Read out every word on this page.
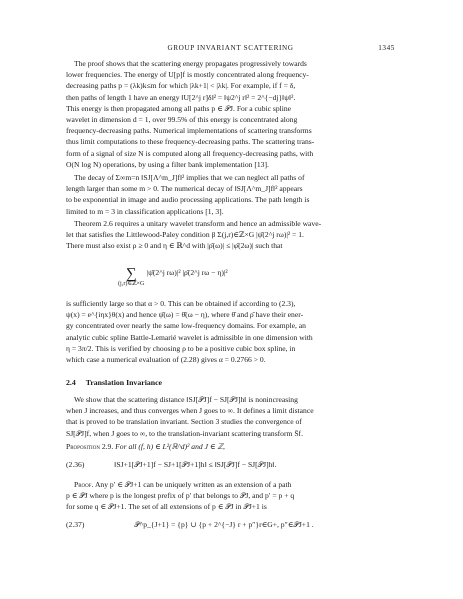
GROUP INVARIANT SCATTERING	1345
The proof shows that the scattering energy propagates progressively towards
lower frequencies. The energy of U[p]f is mostly concentrated along frequency-
decreasing paths p = (λk)k≤m for which |λk+1| < |λk|. For example, if f = δ,
then paths of length 1 have an energy ‖U[2^j r]δ‖² = ‖ψ2^j r‖² = 2^{−dj}‖ψ‖².
This energy is then propagated among all paths p ∈ 𝒫J. For a cubic spline
wavelet in dimension d = 1, over 99.5% of this energy is concentrated along
frequency-decreasing paths. Numerical implementations of scattering transforms
thus limit computations to these frequency-decreasing paths. The scattering trans-
form of a signal of size N is computed along all frequency-decreasing paths, with
O(N log N) operations, by using a filter bank implementation [13].
The decay of Σ∞m=n ‖SJ[Λ^m_J]f‖² implies that we can neglect all paths of
length larger than some m > 0. The numerical decay of ‖SJ[Λ^m_J]f‖² appears
to be exponential in image and audio processing applications. The path length is
limited to m = 3 in classification applications [1, 3].
Theorem 2.6 requires a unitary wavelet transform and hence an admissible wave-
let that satisfies the Littlewood-Paley condition β Σ(j,r)∈ℤ×G |ψ̂(2^j rω)|² = 1.
There must also exist ρ ≥ 0 and η ∈ ℝ^d with |ρ̂(ω)| ≤ |φ̂(2ω)| such that
∑ |ψ̂(2^j rω)|² |ρ̂(2^j rω − η)|²
(j,r)∈ℤ×G
is sufficiently large so that α > 0. This can be obtained if according to (2.3),
ψ(x) = e^{iηx}θ(x) and hence ψ̂(ω) = θ̂(ω − η), where θ̂ and ρ̂ have their ener-
gy concentrated over nearly the same low-frequency domains. For example, an
analytic cubic spline Battle-Lemarié wavelet is admissible in one dimension with
η = 3π/2. This is verified by choosing ρ to be a positive cubic box spline, in
which case a numerical evaluation of (2.28) gives α = 0.2766 > 0.
2.4 Translation Invariance
We show that the scattering distance ‖SJ[𝒫J]f − SJ[𝒫J]h‖ is nonincreasing
when J increases, and thus converges when J goes to ∞. It defines a limit distance
that is proved to be translation invariant. Section 3 studies the convergence of
SJ[𝒫J]f, when J goes to ∞, to the translation-invariant scattering transform S̄f.
Proposition 2.9. For all (f, h) ∈ L²(ℝ^d)² and J ∈ ℤ,
(2.36)	‖SJ+1[𝒫J+1]f − SJ+1[𝒫J+1]h‖ ≤ ‖SJ[𝒫J]f − SJ[𝒫J]h‖.
Proof. Any p′ ∈ 𝒫J+1 can be uniquely written as an extension of a path
p ∈ 𝒫J where p is the longest prefix of p′ that belongs to 𝒫J, and p′ = p + q
for some q ∈ 𝒫J+1. The set of all extensions of p ∈ 𝒫J in 𝒫J+1 is
(2.37)	𝒫^p_{J+1} = {p} ∪ {p + 2^{−J} r + p″}r∈G+, p″∈𝒫J+1 .
